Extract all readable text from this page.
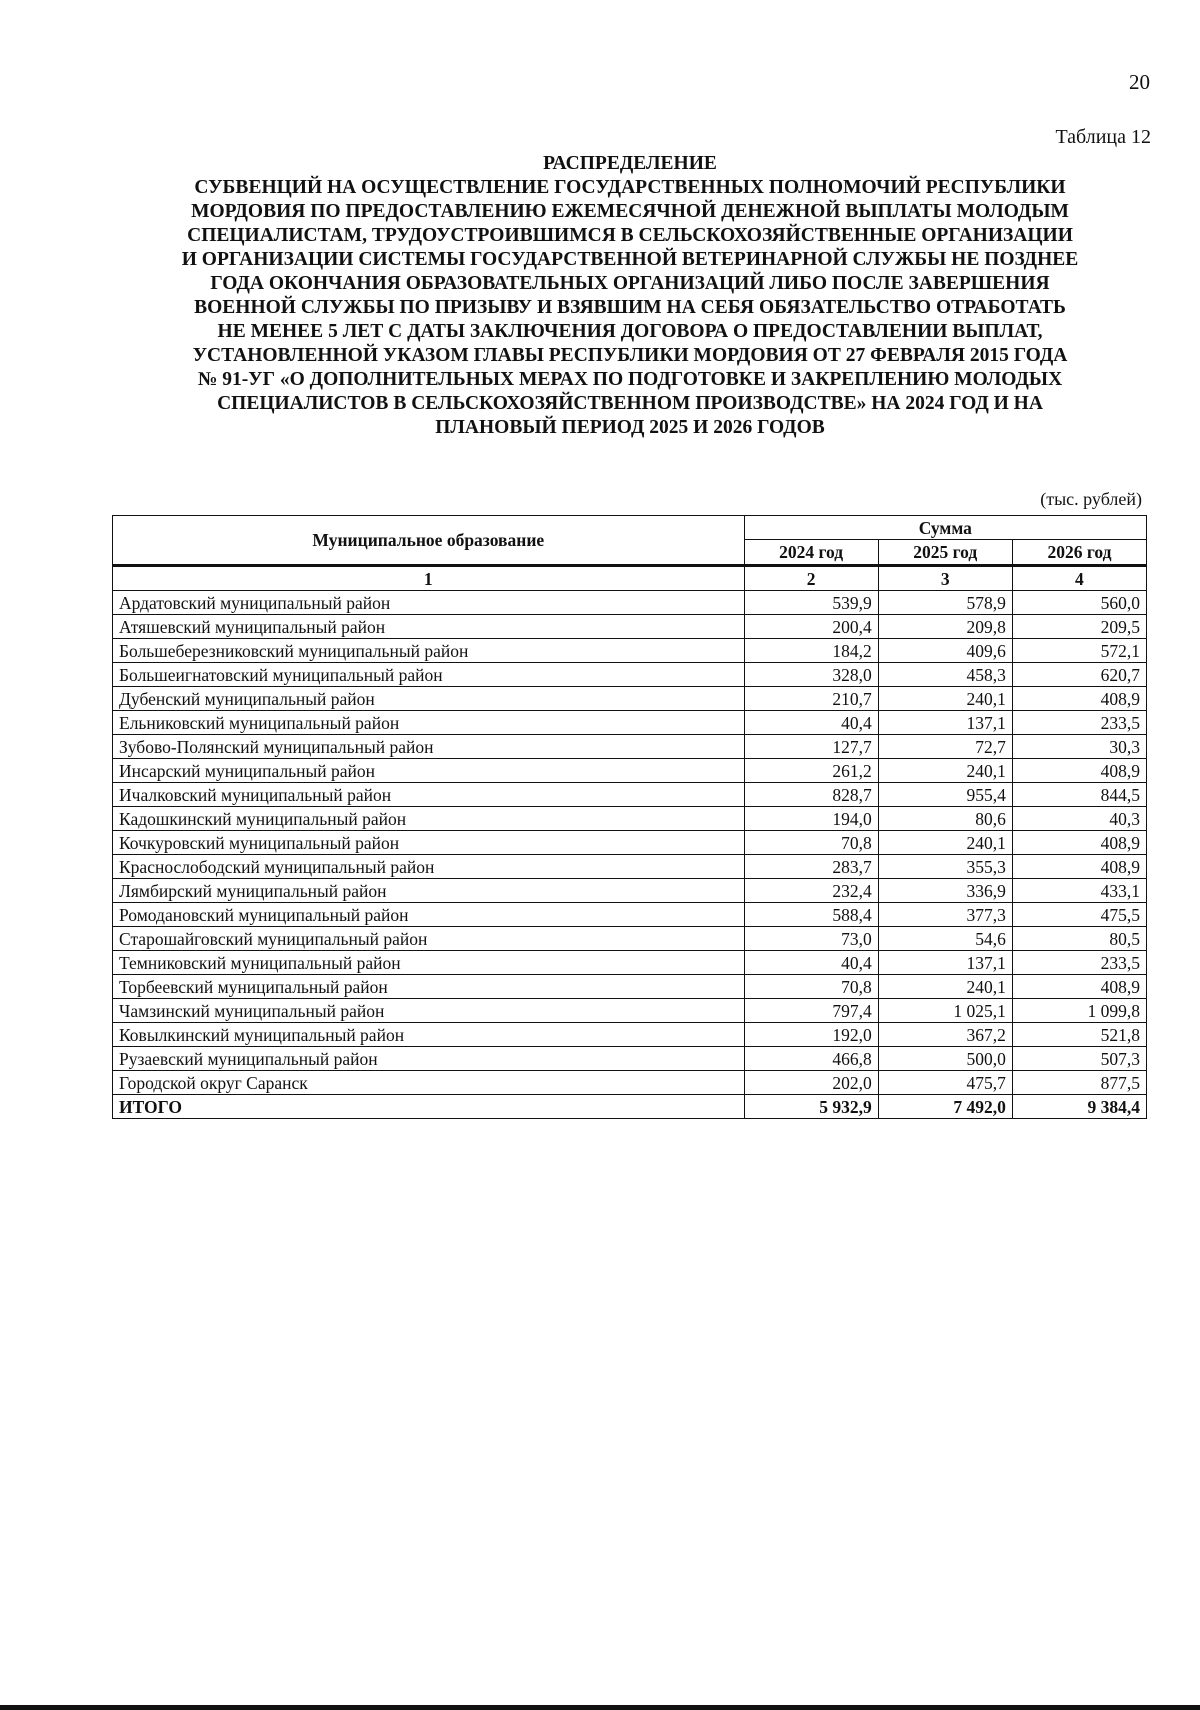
20
Таблица 12
РАСПРЕДЕЛЕНИЕ
СУБВЕНЦИЙ НА ОСУЩЕСТВЛЕНИЕ ГОСУДАРСТВЕННЫХ ПОЛНОМОЧИЙ РЕСПУБЛИКИ
МОРДОВИЯ ПО ПРЕДОСТАВЛЕНИЮ ЕЖЕМЕСЯЧНОЙ ДЕНЕЖНОЙ ВЫПЛАТЫ МОЛОДЫМ
СПЕЦИАЛИСТАМ, ТРУДОУСТРОИВШИМСЯ В СЕЛЬСКОХОЗЯЙСТВЕННЫЕ ОРГАНИЗАЦИИ
И ОРГАНИЗАЦИИ СИСТЕМЫ ГОСУДАРСТВЕННОЙ ВЕТЕРИНАРНОЙ СЛУЖБЫ НЕ ПОЗДНЕЕ
ГОДА ОКОНЧАНИЯ ОБРАЗОВАТЕЛЬНЫХ ОРГАНИЗАЦИЙ ЛИБО ПОСЛЕ ЗАВЕРШЕНИЯ
ВОЕННОЙ СЛУЖБЫ ПО ПРИЗЫВУ И ВЗЯВШИМ НА СЕБЯ ОБЯЗАТЕЛЬСТВО ОТРАБОТАТЬ
НЕ МЕНЕЕ 5 ЛЕТ С ДАТЫ ЗАКЛЮЧЕНИЯ ДОГОВОРА О ПРЕДОСТАВЛЕНИИ ВЫПЛАТ,
УСТАНОВЛЕННОЙ УКАЗОМ ГЛАВЫ РЕСПУБЛИКИ МОРДОВИЯ ОТ 27 ФЕВРАЛЯ 2015 ГОДА
№ 91-УГ «О ДОПОЛНИТЕЛЬНЫХ МЕРАХ ПО ПОДГОТОВКЕ И ЗАКРЕПЛЕНИЮ МОЛОДЫХ
СПЕЦИАЛИСТОВ В СЕЛЬСКОХОЗЯЙСТВЕННОМ ПРОИЗВОДСТВЕ» НА 2024 ГОД И НА
ПЛАНОВЫЙ ПЕРИОД 2025 И 2026 ГОДОВ
(тыс. рублей)
Муниципальное образование	Сумма		
	2024 год	2025 год	2026 год
1	2	3	4
Ардатовский муниципальный район	539,9	578,9	560,0
Атяшевский муниципальный район	200,4	209,8	209,5
Большеберезниковский муниципальный район	184,2	409,6	572,1
Большеигнатовский муниципальный район	328,0	458,3	620,7
Дубенский муниципальный район	210,7	240,1	408,9
Ельниковский муниципальный район	40,4	137,1	233,5
Зубово-Полянский муниципальный район	127,7	72,7	30,3
Инсарский муниципальный район	261,2	240,1	408,9
Ичалковский муниципальный район	828,7	955,4	844,5
Кадошкинский муниципальный район	194,0	80,6	40,3
Кочкуровский муниципальный район	70,8	240,1	408,9
Краснослободский муниципальный район	283,7	355,3	408,9
Лямбирский муниципальный район	232,4	336,9	433,1
Ромодановский муниципальный район	588,4	377,3	475,5
Старошайговский муниципальный район	73,0	54,6	80,5
Темниковский муниципальный район	40,4	137,1	233,5
Торбеевский муниципальный район	70,8	240,1	408,9
Чамзинский муниципальный район	797,4	1 025,1	1 099,8
Ковылкинский муниципальный район	192,0	367,2	521,8
Рузаевский муниципальный район	466,8	500,0	507,3
Городской округ Саранск	202,0	475,7	877,5
ИТОГО	5 932,9	7 492,0	9 384,4
